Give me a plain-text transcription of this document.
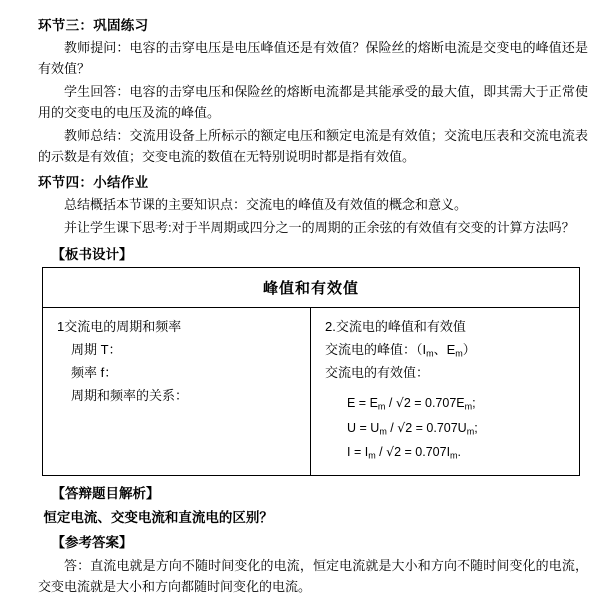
环节三：巩固练习

教师提问：电容的击穿电压是电压峰值还是有效值？保险丝的熔断电流是交变电的峰值还是有效值？

学生回答：电容的击穿电压和保险丝的熔断电流都是其能承受的最大值，即其需大于正常使用的交变电的电压及流的峰值。

教师总结：交流用设备上所标示的额定电压和额定电流是有效值；交流电压表和交流电流表的示数是有效值；交变电流的数值在无特别说明时都是指有效值。

环节四：小结作业

总结概括本节课的主要知识点：交流电的峰值及有效值的概念和意义。

并让学生课下思考:对于半周期或四分之一的周期的正余弦的有效值有交变的计算方法吗？

【板书设计】
峰值和有效值

1交流电的周期和频率

周期 T：

频率 f：

周期和频率的关系：

2.交流电的峰值和有效值

交流电的峰值：（$I_m$、$E_m$）

交流电的有效值：

$E = E_m / √2 = 0.707E_m$;
$U = U_m / √2 = 0.707U_m$;
$I = I_m / √2 = 0.707I_m$.
【答辩题目解析】
恒定电流、交变电流和直流电的区别？
【参考答案】

答：直流电就是方向不随时间变化的电流，恒定电流就是大小和方向不随时间变化的电流，交变电流就是大小和方向都随时间变化的电流。
